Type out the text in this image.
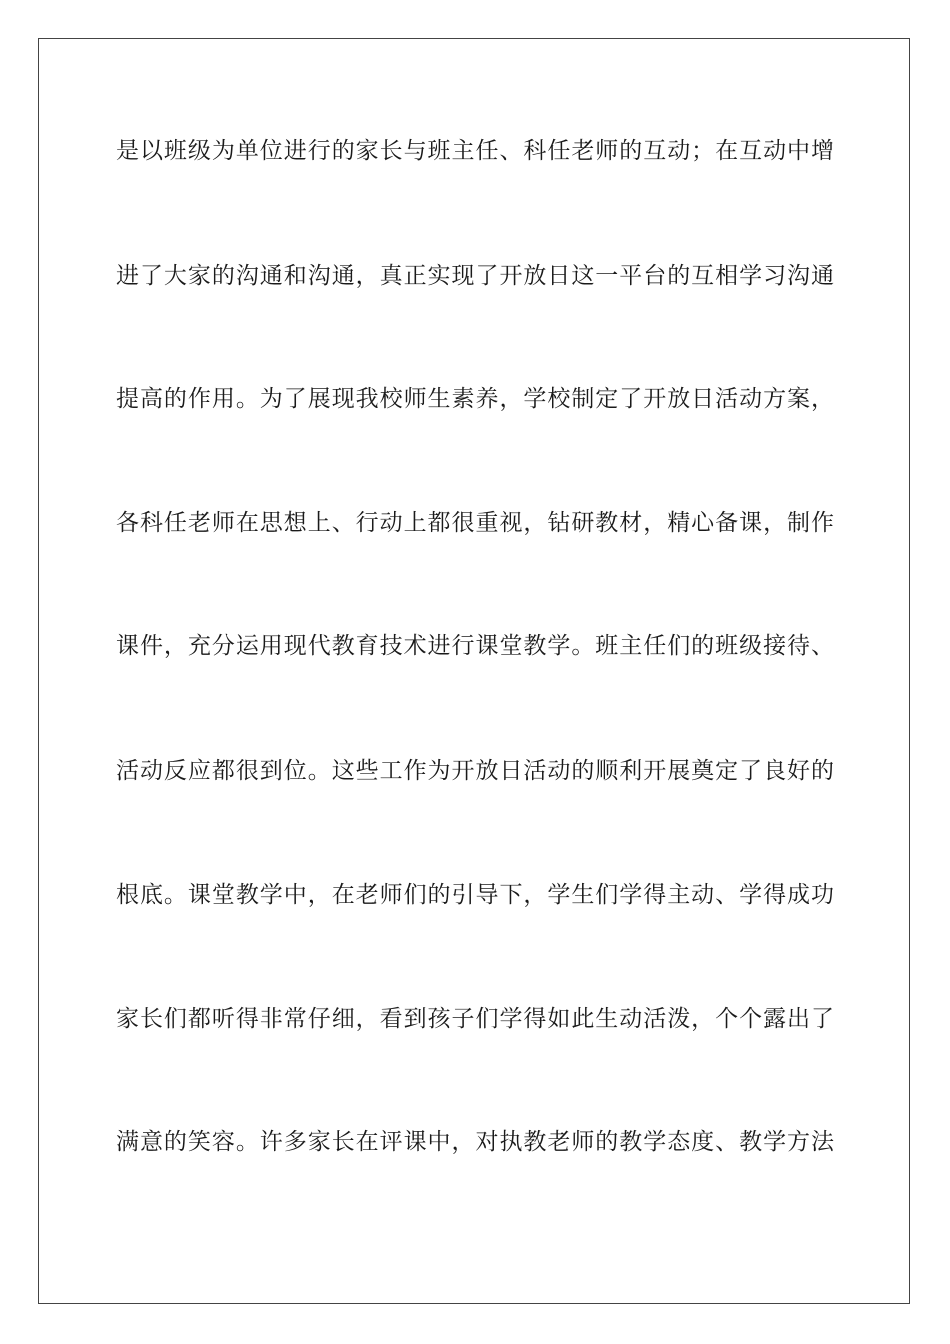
是以班级为单位进行的家长与班主任、科任老师的互动；在互动中增
进了大家的沟通和沟通，真正实现了开放日这一平台的互相学习沟通
提高的作用。为了展现我校师生素养，学校制定了开放日活动方案，
各科任老师在思想上、行动上都很重视，钻研教材，精心备课，制作
课件，充分运用现代教育技术进行课堂教学。班主任们的班级接待、
活动反应都很到位。这些工作为开放日活动的顺利开展奠定了良好的
根底。课堂教学中，在老师们的引导下，学生们学得主动、学得成功
家长们都听得非常仔细，看到孩子们学得如此生动活泼，个个露出了
满意的笑容。许多家长在评课中，对执教老师的教学态度、教学方法
